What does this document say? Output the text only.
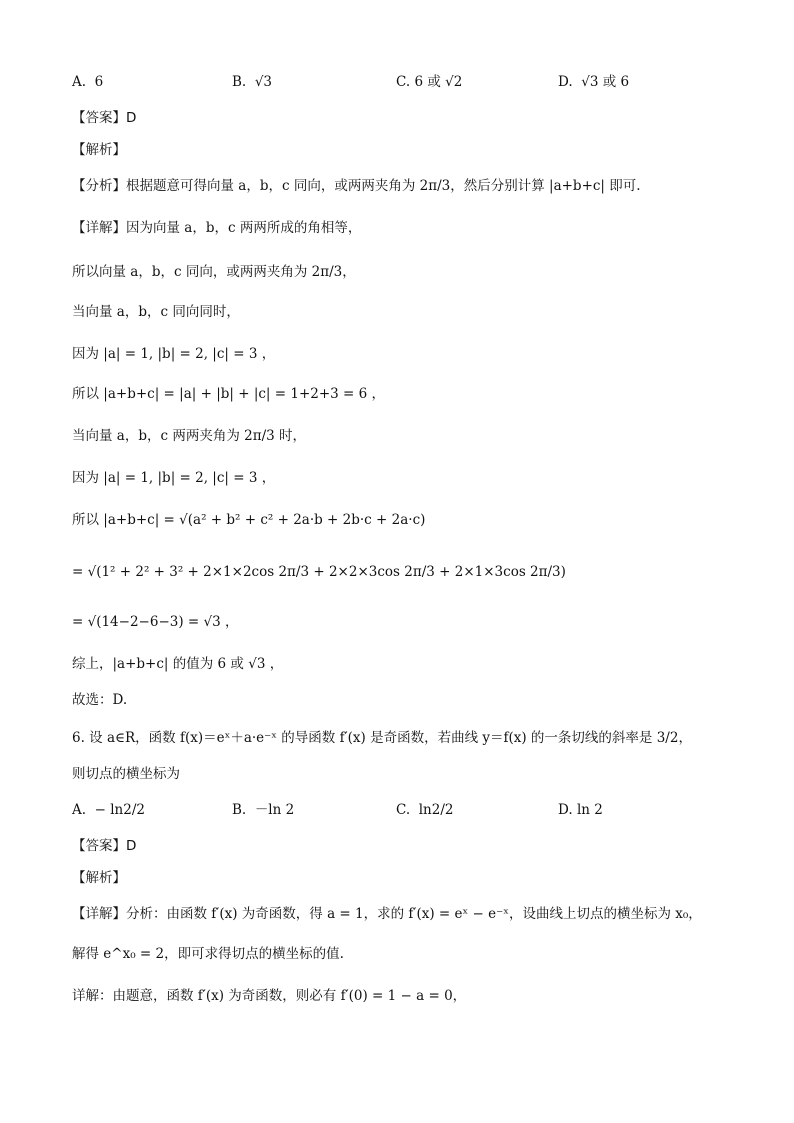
A. 6	B. √3	C. 6 或 √2	D. √3 或 6
【答案】D
【解析】
【分析】根据题意可得向量 a，b，c 同向，或两两夹角为 2π/3，然后分别计算 |a+b+c| 即可.
【详解】因为向量 a，b，c 两两所成的角相等，
所以向量 a，b，c 同向，或两两夹角为 2π/3，
当向量 a，b，c 同向同时，
因为 |a| = 1, |b| = 2, |c| = 3 ，
所以 |a+b+c| = |a| + |b| + |c| = 1+2+3 = 6 ，
当向量 a，b，c 两两夹角为 2π/3 时，
因为 |a| = 1, |b| = 2, |c| = 3 ，
所以 |a+b+c| = √(a² + b² + c² + 2a·b + 2b·c + 2a·c)
= √(1² + 2² + 3² + 2×1×2cos 2π/3 + 2×2×3cos 2π/3 + 2×1×3cos 2π/3)
= √(14−2−6−3) = √3 ，
综上，|a+b+c| 的值为 6 或 √3 ，
故选：D.
6. 设 a∈R，函数 f(x)＝eˣ＋a·e⁻ˣ 的导函数 f′(x) 是奇函数，若曲线 y＝f(x) 的一条切线的斜率是 3/2，
则切点的横坐标为
A. − ln2/2	B. －ln 2	C. ln2/2	D. ln 2
【答案】D
【解析】
【详解】分析：由函数 f′(x) 为奇函数，得 a = 1，求的 f′(x) = eˣ − e⁻ˣ，设曲线上切点的横坐标为 x₀，
解得 e^x₀ = 2，即可求得切点的横坐标的值.
详解：由题意，函数 f′(x) 为奇函数，则必有 f′(0) = 1 − a = 0，
